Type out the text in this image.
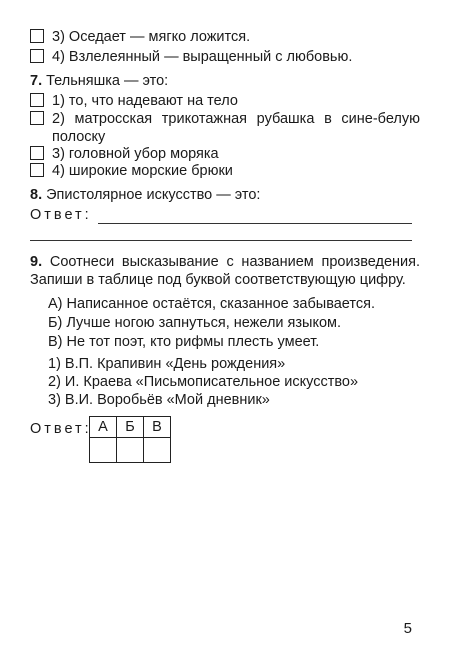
3) Оседает — мягко ложится.
4) Взлелеянный — выращенный с любовью.
7. Тельняшка — это:
1) то, что надевают на тело
2) матросская трикотажная рубашка в сине-белую полоску
3) головной убор моряка
4) широкие морские брюки
8. Эпистолярное искусство — это:
Ответ:
9. Соотнеси высказывание с названием произведения. Запиши в таблице под буквой соответствующую цифру.
А) Написанное остаётся, сказанное забывается.
Б) Лучше ногою запнуться, нежели языком.
В) Не тот поэт, кто рифмы плесть умеет.
1) В.П. Крапивин «День рождения»
2) И. Краева «Письмописательное искусство»
3) В.И. Воробьёв «Мой дневник»
Ответ: А	Б	В

5
